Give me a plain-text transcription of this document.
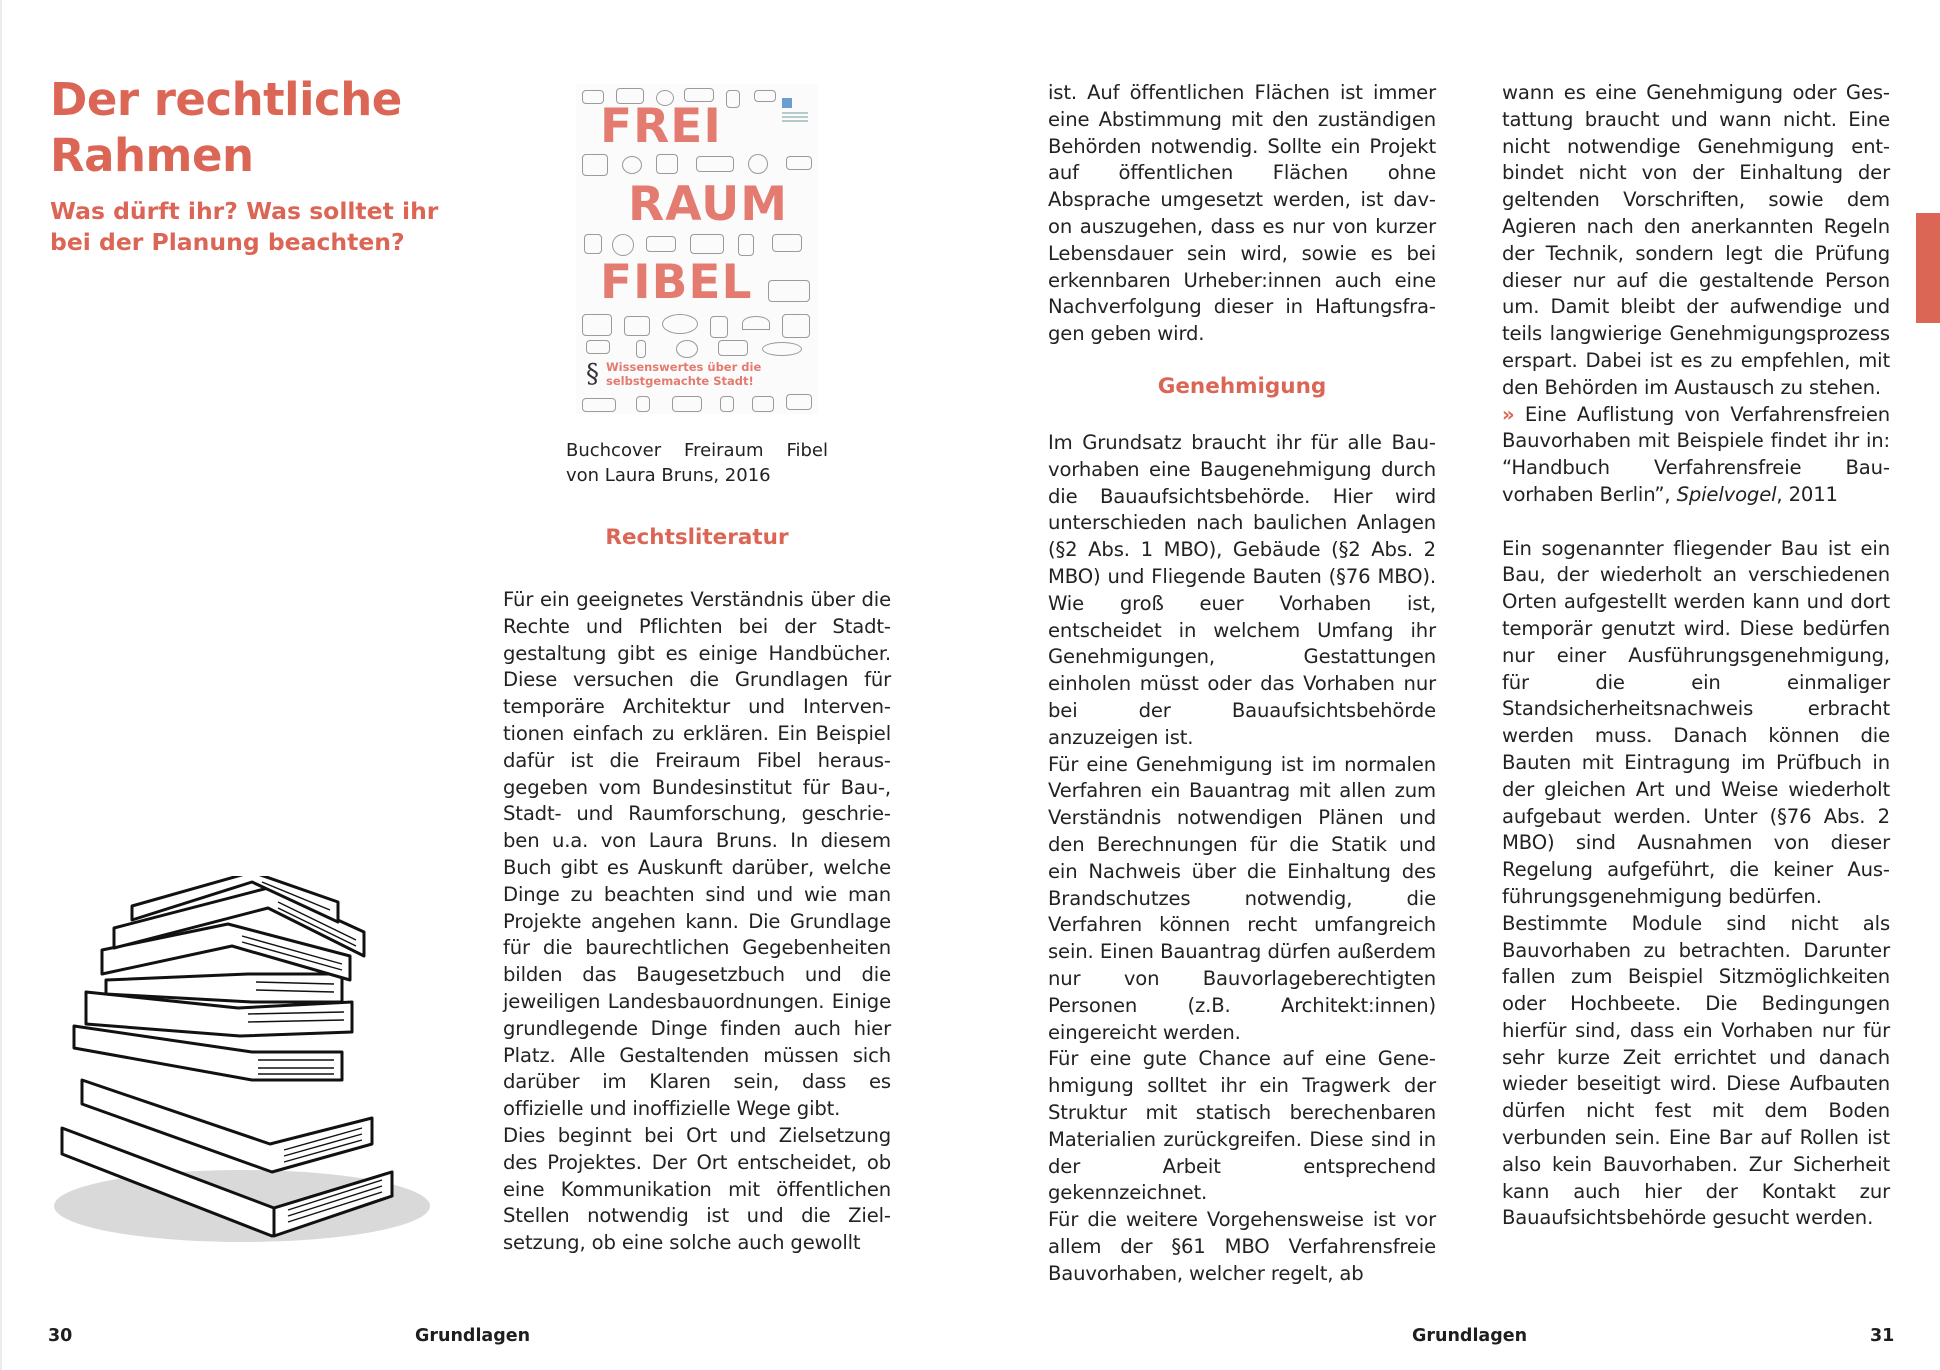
Der rechtliche
Rahmen
Was dürft ihr? Was solltet ihr
bei der Planung beachten?
FREI
RAUM
FIBEL
§ Wissenswertes über die
selbstgemachte Stadt!
Buchcover Freiraum Fibel
von Laura Bruns, 2016
Rechtsliteratur

Für ein geeignetes Verständnis über die Rechte und Pflichten bei der Stadtgestaltung gibt es einige Handbücher. Diese versuchen die Grundlagen für temporäre Architektur und Interventionen einfach zu erklären. Ein Beispiel dafür ist die Freiraum Fibel herausgegeben vom Bundesinstitut für Bau-, Stadt- und Raumforschung, geschrieben u.a. von Laura Bruns. In diesem Buch gibt es Auskunft darüber, welche Dinge zu beachten sind und wie man Projekte angehen kann. Die Grundlage für die baurechtlichen Gegebenheiten bilden das Baugesetzbuch und die jeweiligen Landesbauordnungen. Einige grundlegende Dinge finden auch hier Platz. Alle Gestaltenden müssen sich darüber im Klaren sein, dass es offizielle und inoffizielle Wege gibt.

Dies beginnt bei Ort und Zielsetzung des Projektes. Der Ort entscheidet, ob eine Kommunikation mit öffentlichen Stellen notwendig ist und die Zielsetzung, ob eine solche auch gewollt

30	Grundlagen

ist. Auf öffentlichen Flächen ist immer eine Abstimmung mit den zuständigen Behörden notwendig. Sollte ein Projekt auf öffentlichen Flächen ohne Absprache umgesetzt werden, ist davon auszugehen, dass es nur von kurzer Lebensdauer sein wird, sowie es bei erkennbaren Urheber:innen auch eine Nachverfolgung dieser in Haftungsfragen geben wird.

Genehmigung

Im Grundsatz braucht ihr für alle Bauvorhaben eine Baugenehmigung durch die Bauaufsichtsbehörde. Hier wird unterschieden nach baulichen Anlagen (§2 Abs. 1 MBO), Gebäude (§2 Abs. 2 MBO) und Fliegende Bauten (§76 MBO). Wie groß euer Vorhaben ist, entscheidet in welchem Umfang ihr Genehmigungen, Gestattungen einholen müsst oder das Vorhaben nur bei der Bauaufsichtsbehörde anzuzeigen ist.

Für eine Genehmigung ist im normalen Verfahren ein Bauantrag mit allen zum Verständnis notwendigen Plänen und den Berechnungen für die Statik und ein Nachweis über die Einhaltung des Brandschutzes notwendig, die Verfahren können recht umfangreich sein. Einen Bauantrag dürfen außerdem nur von Bauvorlageberechtigten Personen (z.B. Architekt:innen) eingereicht werden.

Für eine gute Chance auf eine Genehmigung solltet ihr ein Tragwerk der Struktur mit statisch berechenbaren Materialien zurückgreifen. Diese sind in der Arbeit entsprechend gekennzeichnet.

Für die weitere Vorgehensweise ist vor allem der §61 MBO Verfahrensfreie Bauvorhaben, welcher regelt, ab

wann es eine Genehmigung oder Gestattung braucht und wann nicht. Eine nicht notwendige Genehmigung entbindet nicht von der Einhaltung der geltenden Vorschriften, sowie dem Agieren nach den anerkannten Regeln der Technik, sondern legt die Prüfung dieser nur auf die gestaltende Person um. Damit bleibt der aufwendige und teils langwierige Genehmigungsprozess erspart. Dabei ist es zu empfehlen, mit den Behörden im Austausch zu stehen.

» Eine Auflistung von Verfahrensfreien Bauvorhaben mit Beispiele findet ihr in: “Handbuch Verfahrensfreie Bauvorhaben Berlin”, Spielvogel, 2011

Ein sogenannter fliegender Bau ist ein Bau, der wiederholt an verschiedenen Orten aufgestellt werden kann und dort temporär genutzt wird. Diese bedürfen nur einer Ausführungsgenehmigung, für die ein einmaliger Standsicherheitsnachweis erbracht werden muss. Danach können die Bauten mit Eintragung im Prüfbuch in der gleichen Art und Weise wiederholt aufgebaut werden. Unter (§76 Abs. 2 MBO) sind Ausnahmen von dieser Regelung aufgeführt, die keiner Ausführungsgenehmigung bedürfen.

Bestimmte Module sind nicht als Bauvorhaben zu betrachten. Darunter fallen zum Beispiel Sitzmöglichkeiten oder Hochbeete. Die Bedingungen hierfür sind, dass ein Vorhaben nur für sehr kurze Zeit errichtet und danach wieder beseitigt wird. Diese Aufbauten dürfen nicht fest mit dem Boden verbunden sein. Eine Bar auf Rollen ist also kein Bauvorhaben. Zur Sicherheit kann auch hier der Kontakt zur Bauaufsichtsbehörde gesucht werden.

Grundlagen	31
